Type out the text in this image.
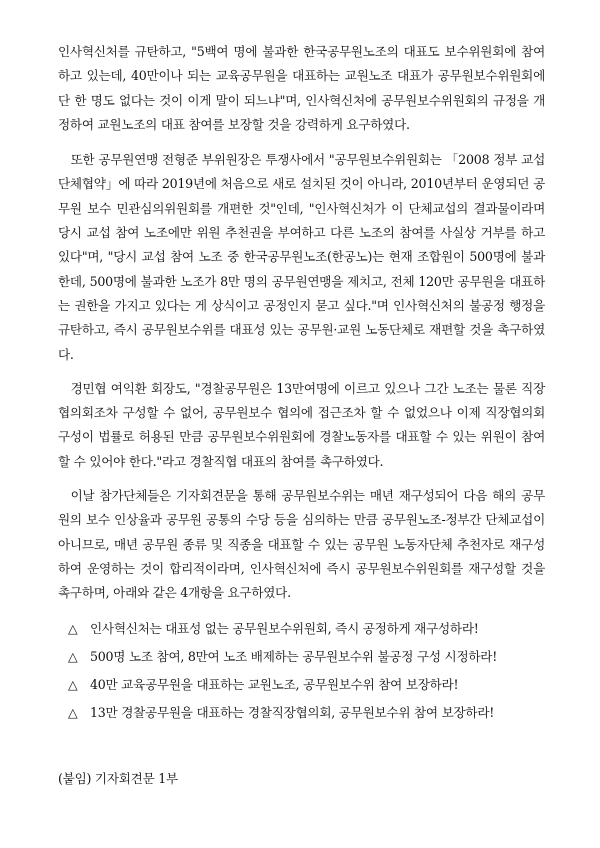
인사혁신처를 규탄하고, "5백여 명에 불과한 한국공무원노조의 대표도 보수위원회에 참여하고 있는데, 40만이나 되는 교육공무원을 대표하는 교원노조 대표가 공무원보수위원회에 단 한 명도 없다는 것이 이게 말이 되느냐"며, 인사혁신처에 공무원보수위원회의 규정을 개정하여 교원노조의 대표 참여를 보장할 것을 강력하게 요구하였다.

또한 공무원연맹 전형준 부위원장은 투쟁사에서 "공무원보수위원회는 「2008 정부 교섭 단체협약」에 따라 2019년에 처음으로 새로 설치된 것이 아니라, 2010년부터 운영되던 공무원 보수 민관심의위원회를 개편한 것"인데, "인사혁신처가 이 단체교섭의 결과물이라며 당시 교섭 참여 노조에만 위원 추천권을 부여하고 다른 노조의 참여를 사실상 거부를 하고 있다"며, "당시 교섭 참여 노조 중 한국공무원노조(한공노)는 현재 조합원이 500명에 불과한데, 500명에 불과한 노조가 8만 명의 공무원연맹을 제치고, 전체 120만 공무원을 대표하는 권한을 가지고 있다는 게 상식이고 공정인지 묻고 싶다."며 인사혁신처의 불공정 행정을 규탄하고, 즉시 공무원보수위를 대표성 있는 공무원·교원 노동단체로 재편할 것을 촉구하였다.

경민협 여익환 회장도, "경찰공무원은 13만여명에 이르고 있으나 그간 노조는 물론 직장협의회조차 구성할 수 없어, 공무원보수 협의에 접근조차 할 수 없었으나 이제 직장협의회 구성이 법률로 허용된 만큼 공무원보수위원회에 경찰노동자를 대표할 수 있는 위원이 참여할 수 있어야 한다."라고 경찰직협 대표의 참여를 촉구하였다.

이날 참가단체들은 기자회견문을 통해 공무원보수위는 매년 재구성되어 다음 해의 공무원의 보수 인상율과 공무원 공통의 수당 등을 심의하는 만큼 공무원노조-정부간 단체교섭이 아니므로, 매년 공무원 종류 및 직종을 대표할 수 있는 공무원 노동자단체 추천자로 재구성하여 운영하는 것이 합리적이라며, 인사혁신처에 즉시 공무원보수위원회를 재구성할 것을 촉구하며, 아래와 같은 4개항을 요구하였다.

△ 인사혁신처는 대표성 없는 공무원보수위원회, 즉시 공정하게 재구성하라!
△ 500명 노조 참여, 8만여 노조 배제하는 공무원보수위 불공정 구성 시정하라!
△ 40만 교육공무원을 대표하는 교원노조, 공무원보수위 참여 보장하라!
△ 13만 경찰공무원을 대표하는 경찰직장협의회, 공무원보수위 참여 보장하라!
(붙임) 기자회견문 1부
